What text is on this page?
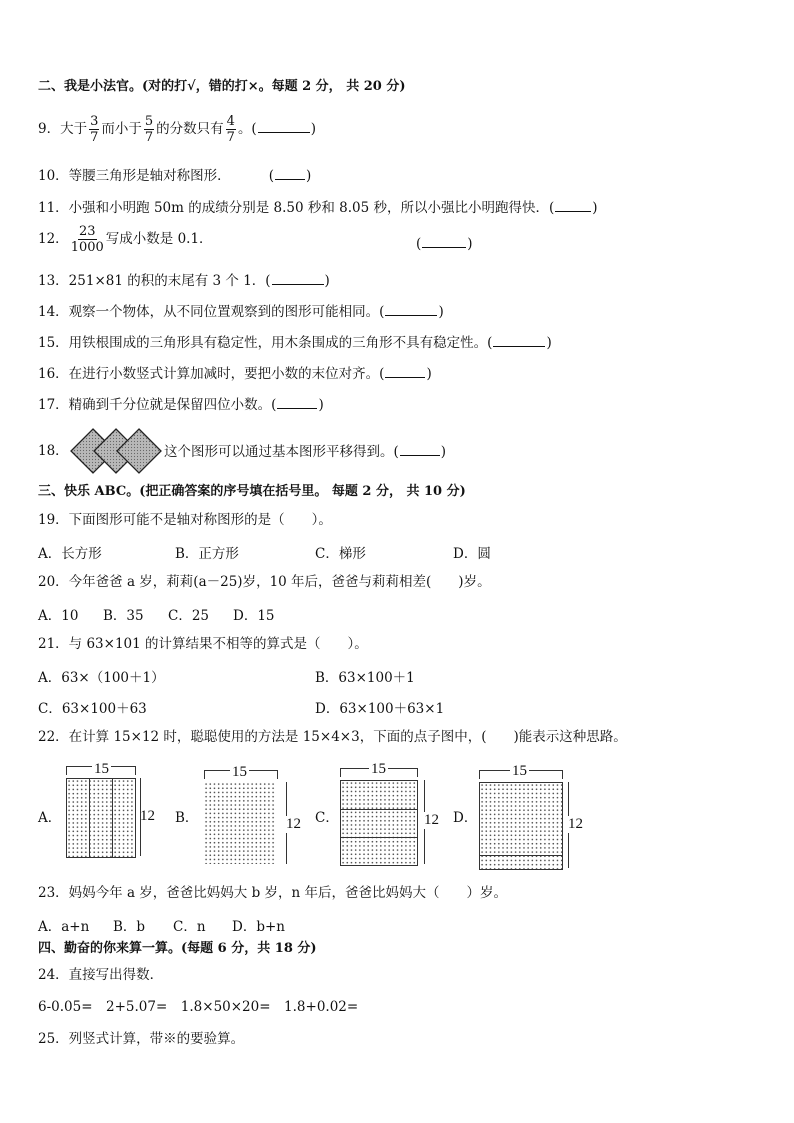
二、我是小法官。(对的打√，错的打×。每题 2 分， 共 20 分)
9．大于 $\frac{3}{7}$ 而小于 $\frac{5}{7}$ 的分数只有 $\frac{4}{7}$ 。(	)
10．等腰三角形是轴对称图形．	( )
11．小强和小明跑 50m 的成绩分别是 8.50 秒和 8.05 秒，所以小强比小明跑得快．(	)
12． $\frac{23}{1000}$ 写成小数是 0.1．	(	)
13．251×81 的积的末尾有 3 个 1．(	)
14．观察一个物体，从不同位置观察到的图形可能相同。(	)
15．用铁根围成的三角形具有稳定性，用木条围成的三角形不具有稳定性。(	)
16．在进行小数竖式计算加减时，要把小数的末位对齐。(	)
17．精确到千分位就是保留四位小数。(	)
18．	这个图形可以通过基本图形平移得到。(	)
三、快乐 ABC。(把正确答案的序号填在括号里。 每题 2 分， 共 10 分)
19．下面图形可能不是轴对称图形的是（　　）。
A．长方形	B．正方形	C．梯形	D．圆
20．今年爸爸 a 岁，莉莉(a－25)岁，10 年后，爸爸与莉莉相差(　　)岁。
A．10 B．35 C．25 D．15
21．与 63×101 的计算结果不相等的算式是（　　）。
A．63×（100＋1）	B．63×100＋1
C．63×100＋63	D．63×100＋63×1
22．在计算 15×12 时，聪聪使用的方法是 15×4×3，下面的点子图中，(　　)能表示这种思路。
A．
15
12 B．
15
12 C．
15
12 D．
15
12
23．妈妈今年 a 岁，爸爸比妈妈大 b 岁，n 年后，爸爸比妈妈大（　　）岁。
A．a+n B．b C．n D．b+n
四、勤奋的你来算一算。(每题 6 分，共 18 分)
24．直接写出得数．
6-0.05=　2+5.07=　1.8×50×20=　1.8+0.02=
25．列竖式计算，带※的要验算。
